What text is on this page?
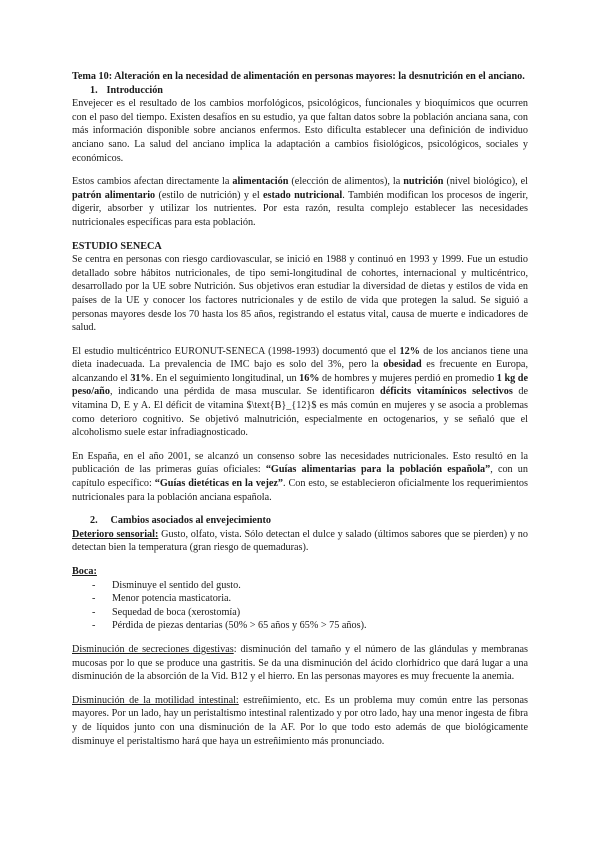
Tema 10: Alteración en la necesidad de alimentación en personas mayores: la desnutrición en el anciano.

1. Introducción

Envejecer es el resultado de los cambios morfológicos, psicológicos, funcionales y bioquímicos que ocurren con el paso del tiempo. Existen desafíos en su estudio, ya que faltan datos sobre la población anciana sana, con más información disponible sobre ancianos enfermos. Esto dificulta establecer una definición de individuo anciano sano. La salud del anciano implica la adaptación a cambios fisiológicos, psicológicos, sociales y económicos.

Estos cambios afectan directamente la alimentación (elección de alimentos), la nutrición (nivel biológico), el patrón alimentario (estilo de nutrición) y el estado nutricional. También modifican los procesos de ingerir, digerir, absorber y utilizar los nutrientes. Por esta razón, resulta complejo establecer las necesidades nutricionales específicas para esta población.

ESTUDIO SENECA

Se centra en personas con riesgo cardiovascular, se inició en 1988 y continuó en 1993 y 1999. Fue un estudio detallado sobre hábitos nutricionales, de tipo semi-longitudinal de cohortes, internacional y multicéntrico, desarrollado por la UE sobre Nutrición. Sus objetivos eran estudiar la diversidad de dietas y estilos de vida en países de la UE y conocer los factores nutricionales y de estilo de vida que protegen la salud. Se siguió a personas mayores desde los 70 hasta los 85 años, registrando el estatus vital, causa de muerte e indicadores de salud.

El estudio multicéntrico EURONUT-SENECA (1998-1993) documentó que el 12% de los ancianos tiene una dieta inadecuada. La prevalencia de IMC bajo es solo del 3%, pero la obesidad es frecuente en Europa, alcanzando el 31%. En el seguimiento longitudinal, un 16% de hombres y mujeres perdió en promedio 1 kg de peso/año, indicando una pérdida de masa muscular. Se identificaron déficits vitamínicos selectivos de vitamina D, E y A. El déficit de vitamina $\text{B}_{12}$ es más común en mujeres y se asocia a problemas como deterioro cognitivo. Se objetivó malnutrición, especialmente en octogenarios, y se señaló que el alcoholismo suele estar infradiagnosticado.

En España, en el año 2001, se alcanzó un consenso sobre las necesidades nutricionales. Esto resultó en la publicación de las primeras guías oficiales: “Guías alimentarias para la población española”, con un capítulo específico: “Guías dietéticas en la vejez”. Con esto, se establecieron oficialmente los requerimientos nutricionales para la población anciana española.

2. Cambios asociados al envejecimiento

Deterioro sensorial: Gusto, olfato, vista. Sólo detectan el dulce y salado (últimos sabores que se pierden) y no detectan bien la temperatura (gran riesgo de quemaduras).

Boca:

- Disminuye el sentido del gusto.
- Menor potencia masticatoria.
- Sequedad de boca (xerostomía)
- Pérdida de piezas dentarias (50% > 65 años y 65% > 75 años).

Disminución de secreciones digestivas: disminución del tamaño y el número de las glándulas y membranas mucosas por lo que se produce una gastritis. Se da una disminución del ácido clorhídrico que dará lugar a una disminución de la absorción de la Vid. B12 y el hierro. En las personas mayores es muy frecuente la anemia.

Disminución de la motilidad intestinal: estreñimiento, etc. Es un problema muy común entre las personas mayores. Por un lado, hay un peristaltismo intestinal ralentizado y por otro lado, hay una menor ingesta de fibra y de líquidos junto con una disminución de la AF. Por lo que todo esto además de que biológicamente disminuye el peristaltismo hará que haya un estreñimiento más pronunciado.
